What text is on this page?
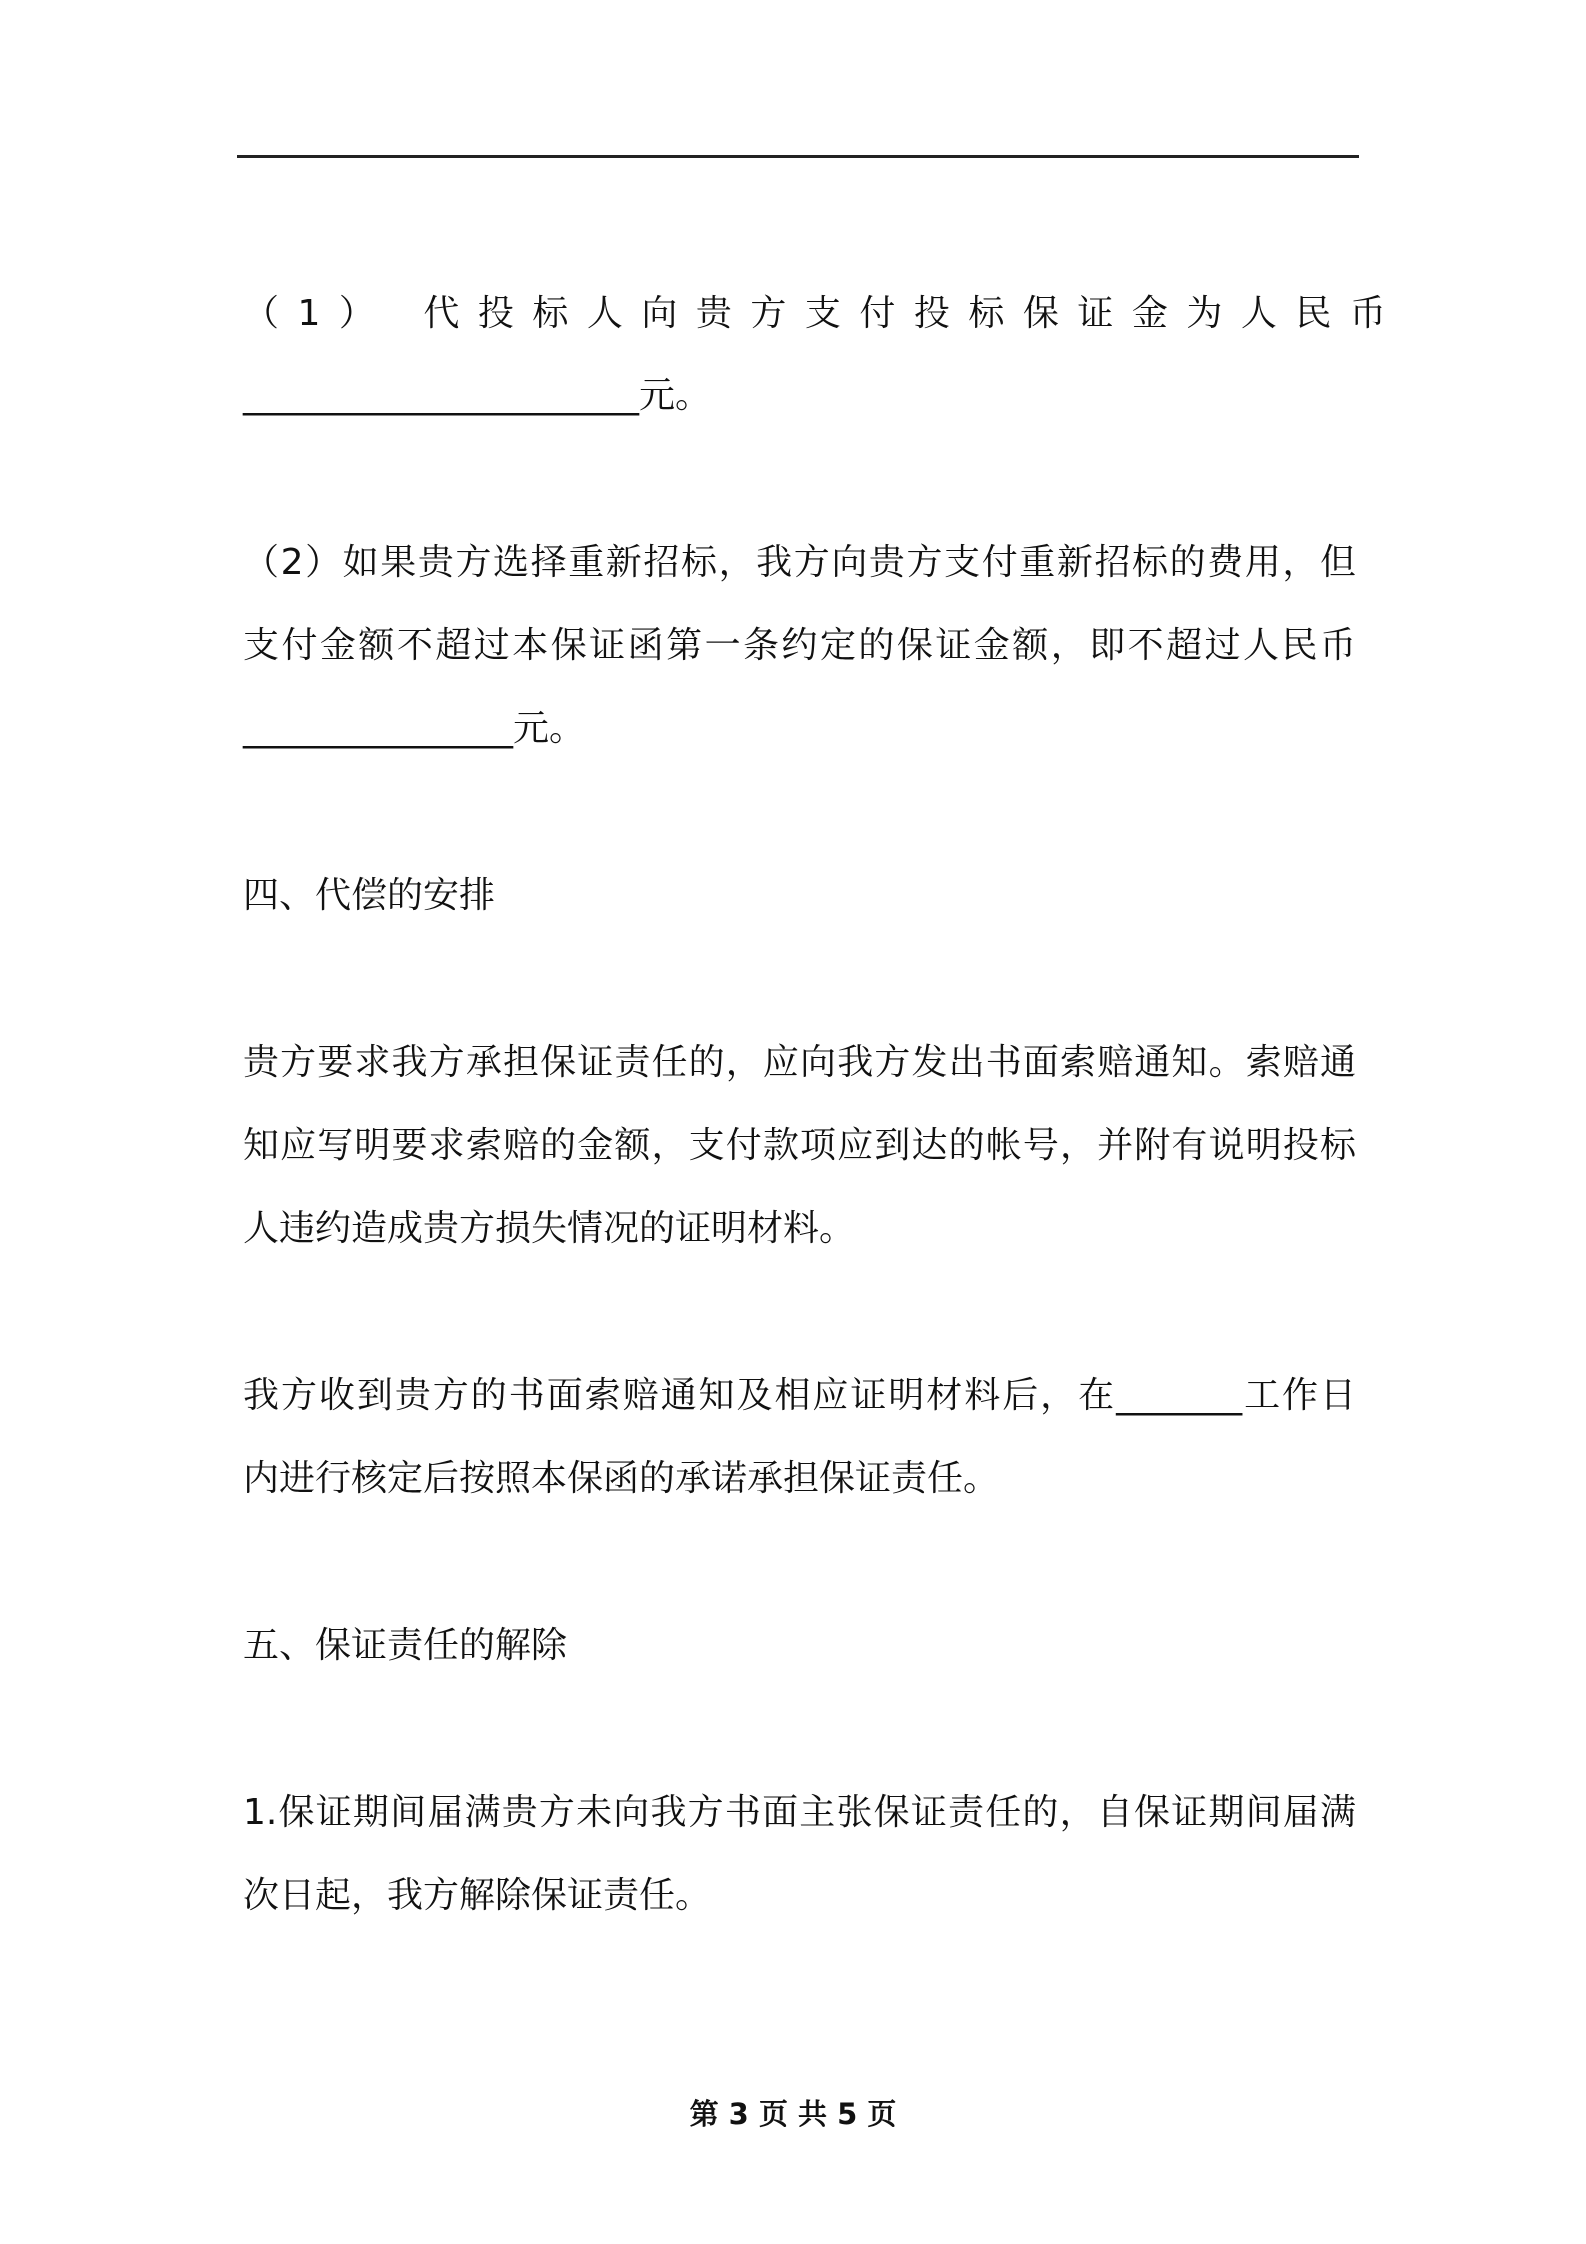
（1） 代投标人向贵方支付投标保证金为人民币

______________________元。

（2）如果贵方选择重新招标，我方向贵方支付重新招标的费用，但

支付金额不超过本保证函第一条约定的保证金额，即不超过人民币

_______________元。

四、代偿的安排

贵方要求我方承担保证责任的，应向我方发出书面索赔通知。索赔通

知应写明要求索赔的金额，支付款项应到达的帐号，并附有说明投标

人违约造成贵方损失情况的证明材料。

我方收到贵方的书面索赔通知及相应证明材料后，在_______工作日

内进行核定后按照本保函的承诺承担保证责任。

五、保证责任的解除

1.保证期间届满贵方未向我方书面主张保证责任的，自保证期间届满

次日起，我方解除保证责任。

第 3 页 共 5 页
